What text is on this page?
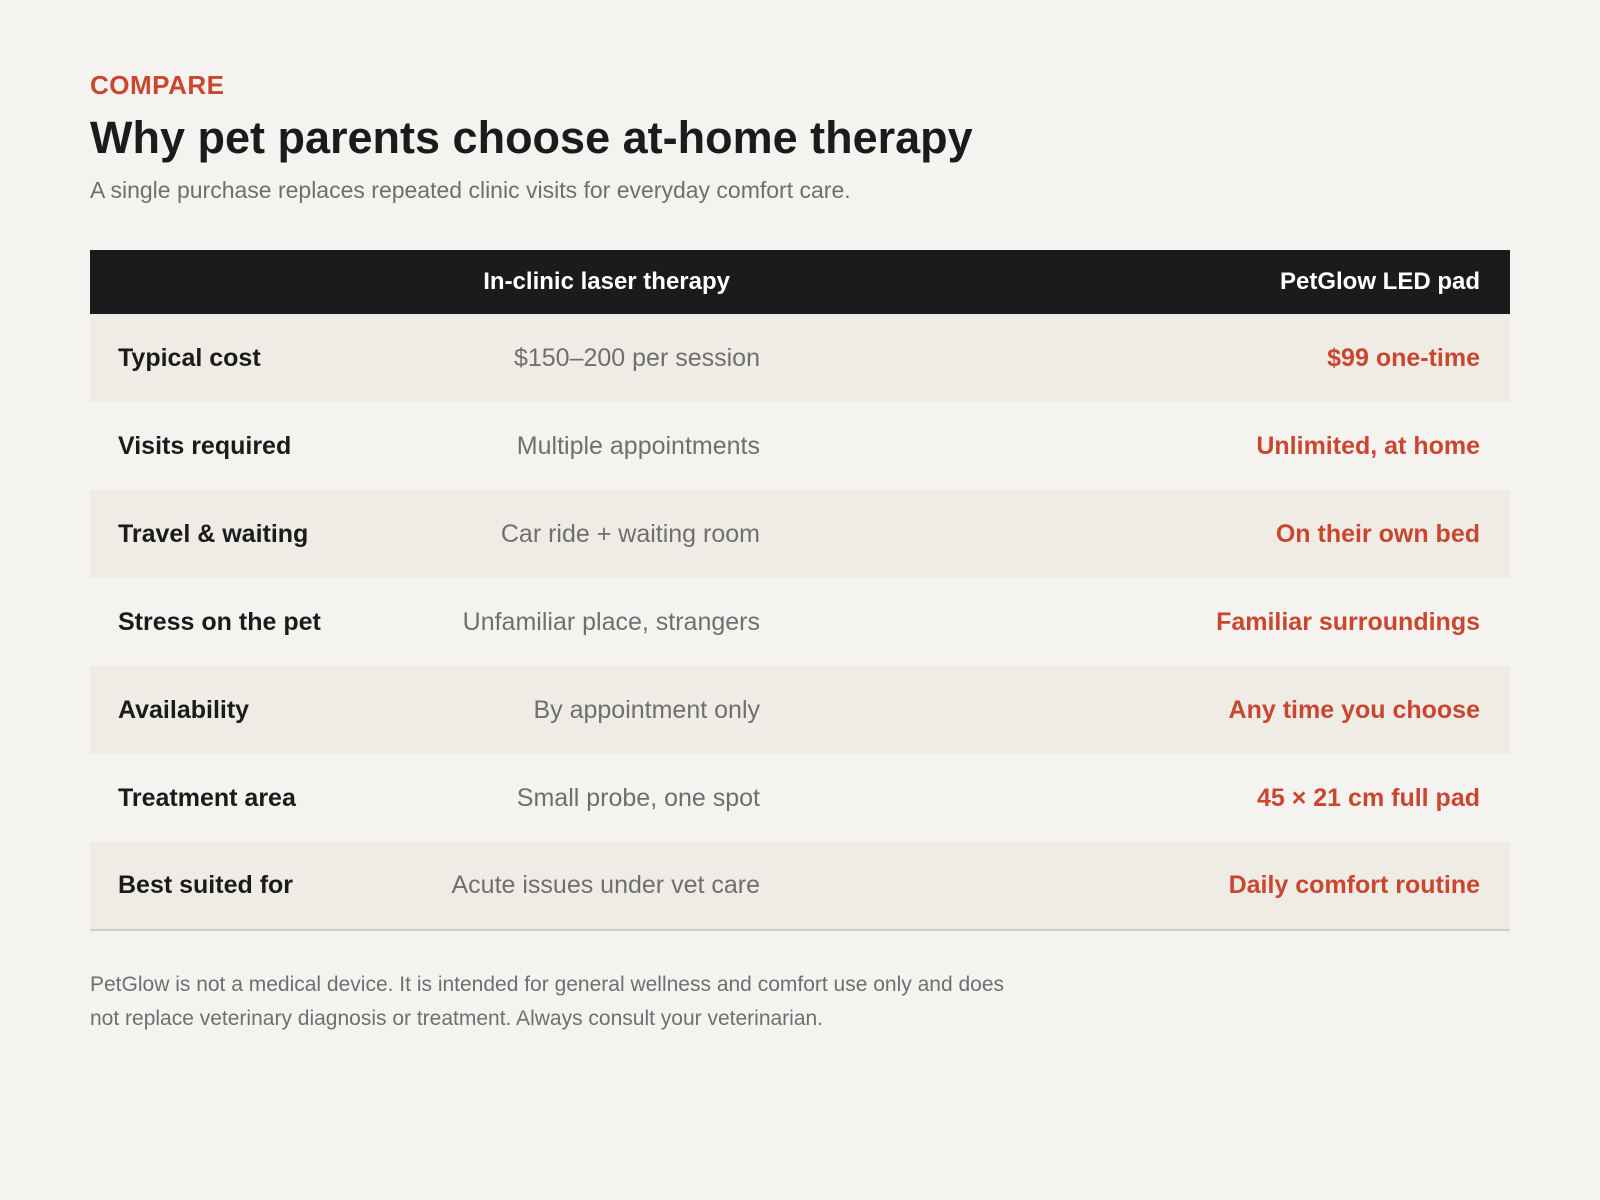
COMPARE

Why pet parents choose at-home therapy

A single purchase replaces repeated clinic visits for everyday comfort care.

	In-clinic laser therapy	PetGlow LED pad
Typical cost	$150–200 per session	$99 one-time
Visits required	Multiple appointments	Unlimited, at home
Travel & waiting	Car ride + waiting room	On their own bed
Stress on the pet	Unfamiliar place, strangers	Familiar surroundings
Availability	By appointment only	Any time you choose
Treatment area	Small probe, one spot	45 × 21 cm full pad
Best suited for	Acute issues under vet care	Daily comfort routine

PetGlow is not a medical device. It is intended for general wellness and comfort use only and does not replace veterinary diagnosis or treatment. Always consult your veterinarian.
